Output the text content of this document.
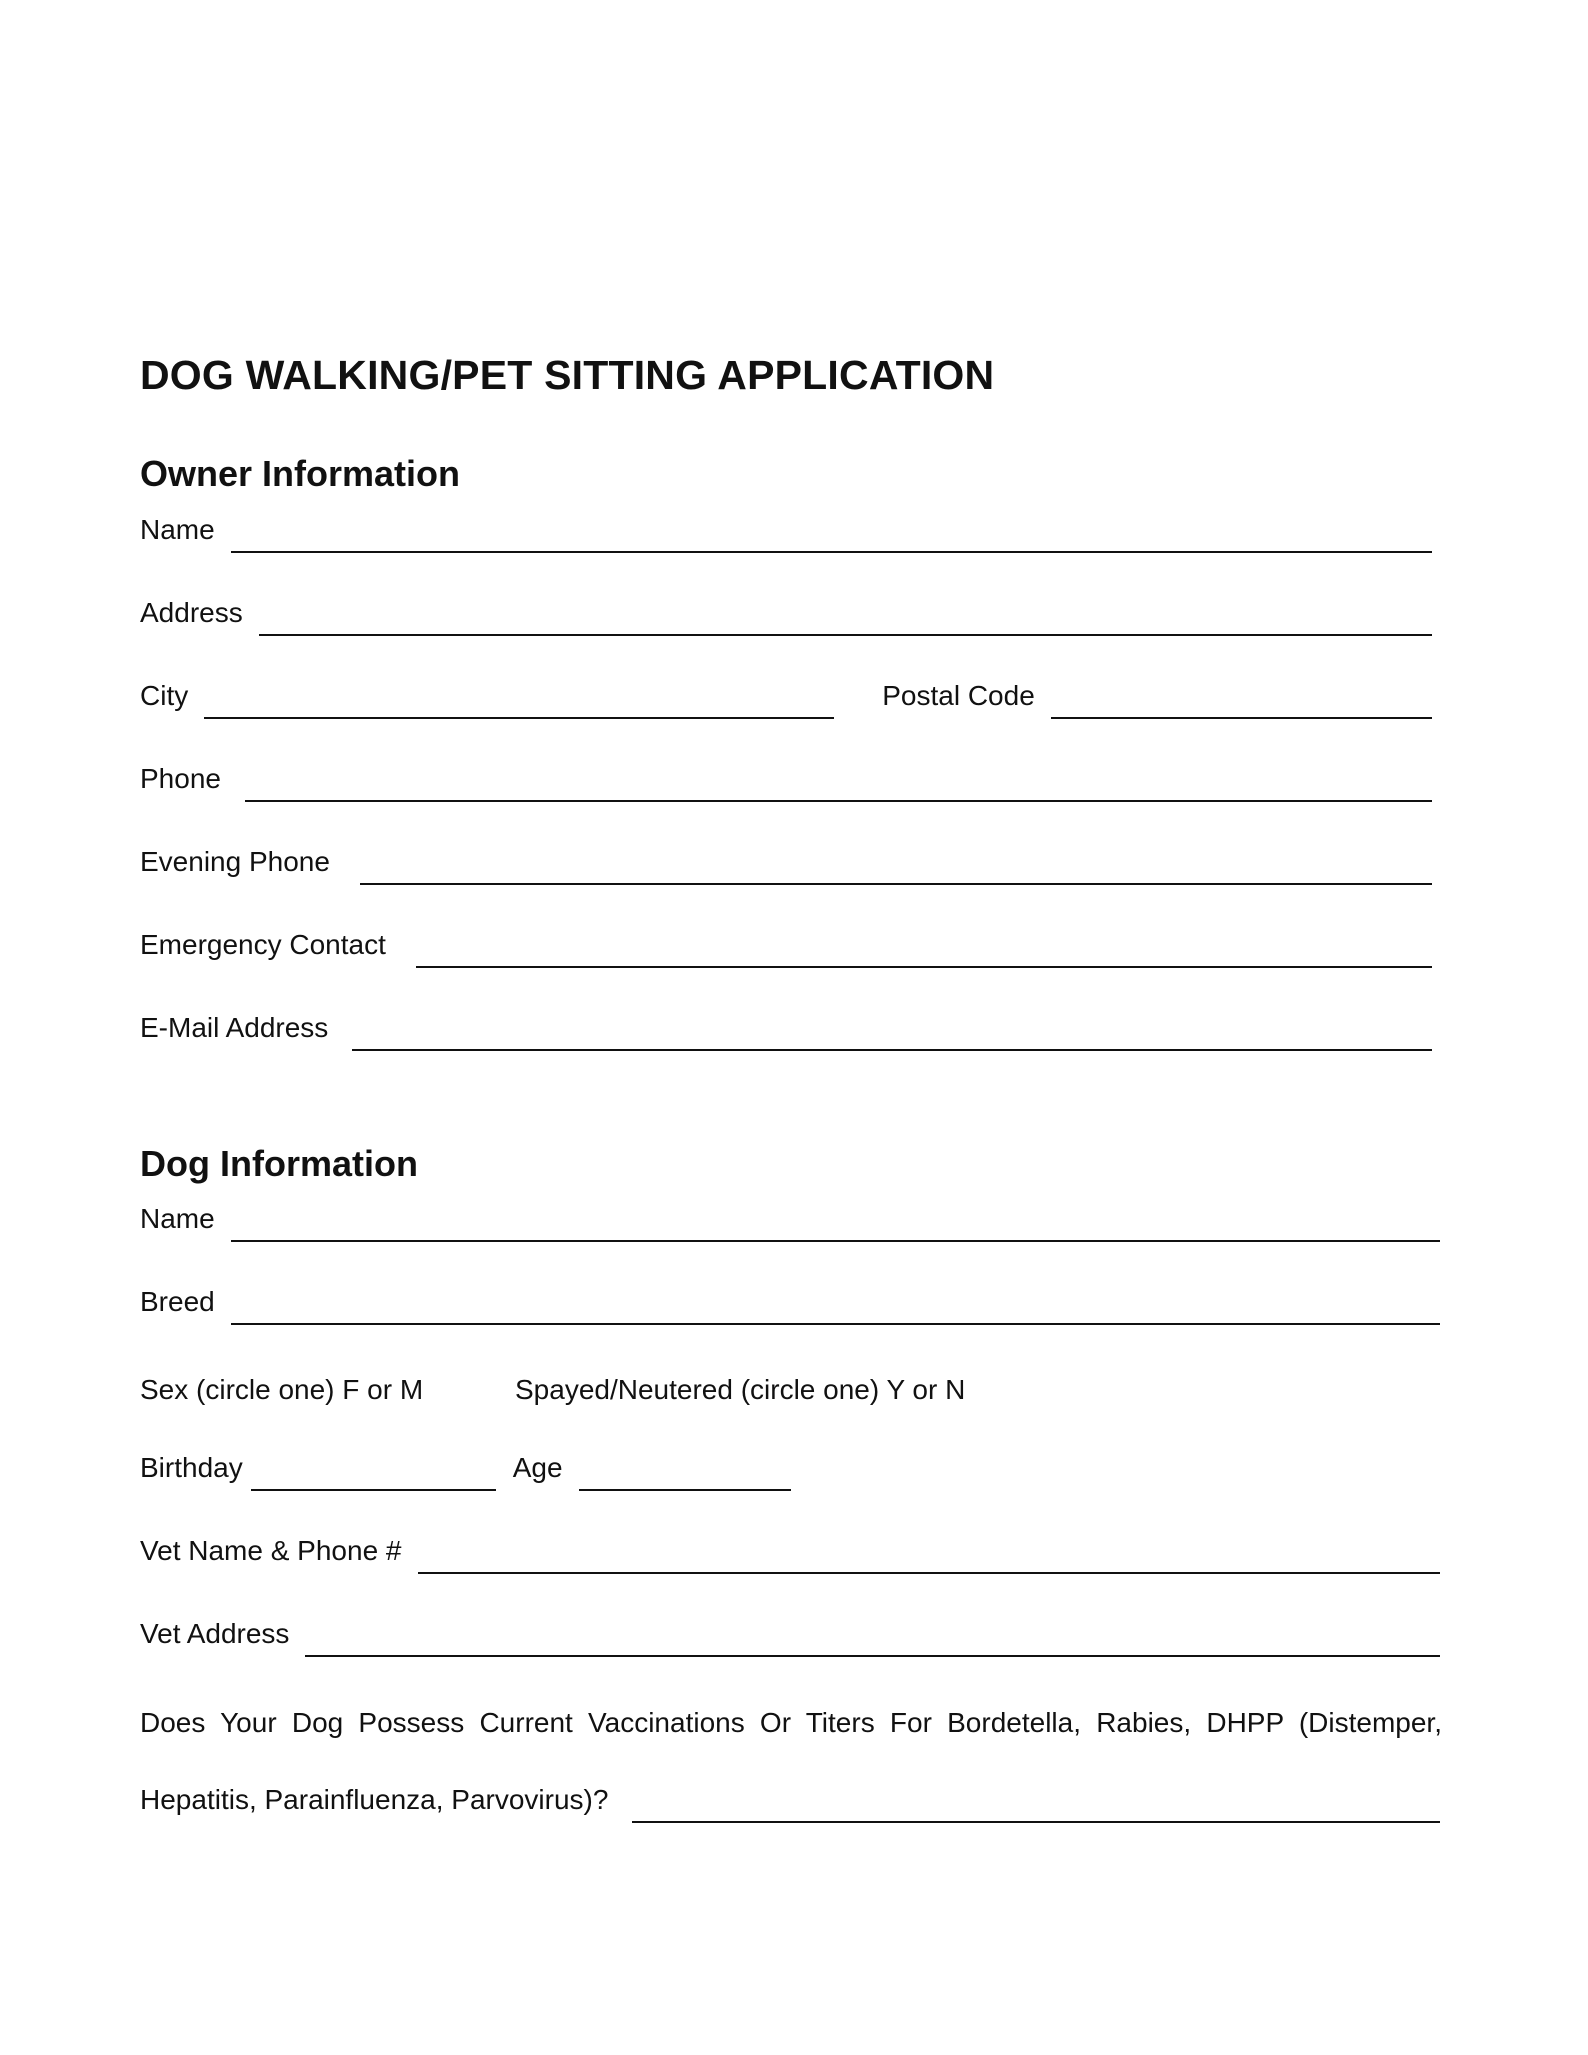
DOG WALKING/PET SITTING APPLICATION
Owner Information
Name
Address
City	Postal Code
Phone
Evening Phone
Emergency Contact
E-Mail Address
Dog Information
Name
Breed
Sex (circle one) F or M	Spayed/Neutered (circle one) Y or N
Birthday	Age
Vet Name & Phone #
Vet Address
Does Your Dog Possess Current Vaccinations Or Titers For Bordetella, Rabies, DHPP (Distemper,
Hepatitis, Parainfluenza, Parvovirus)?
